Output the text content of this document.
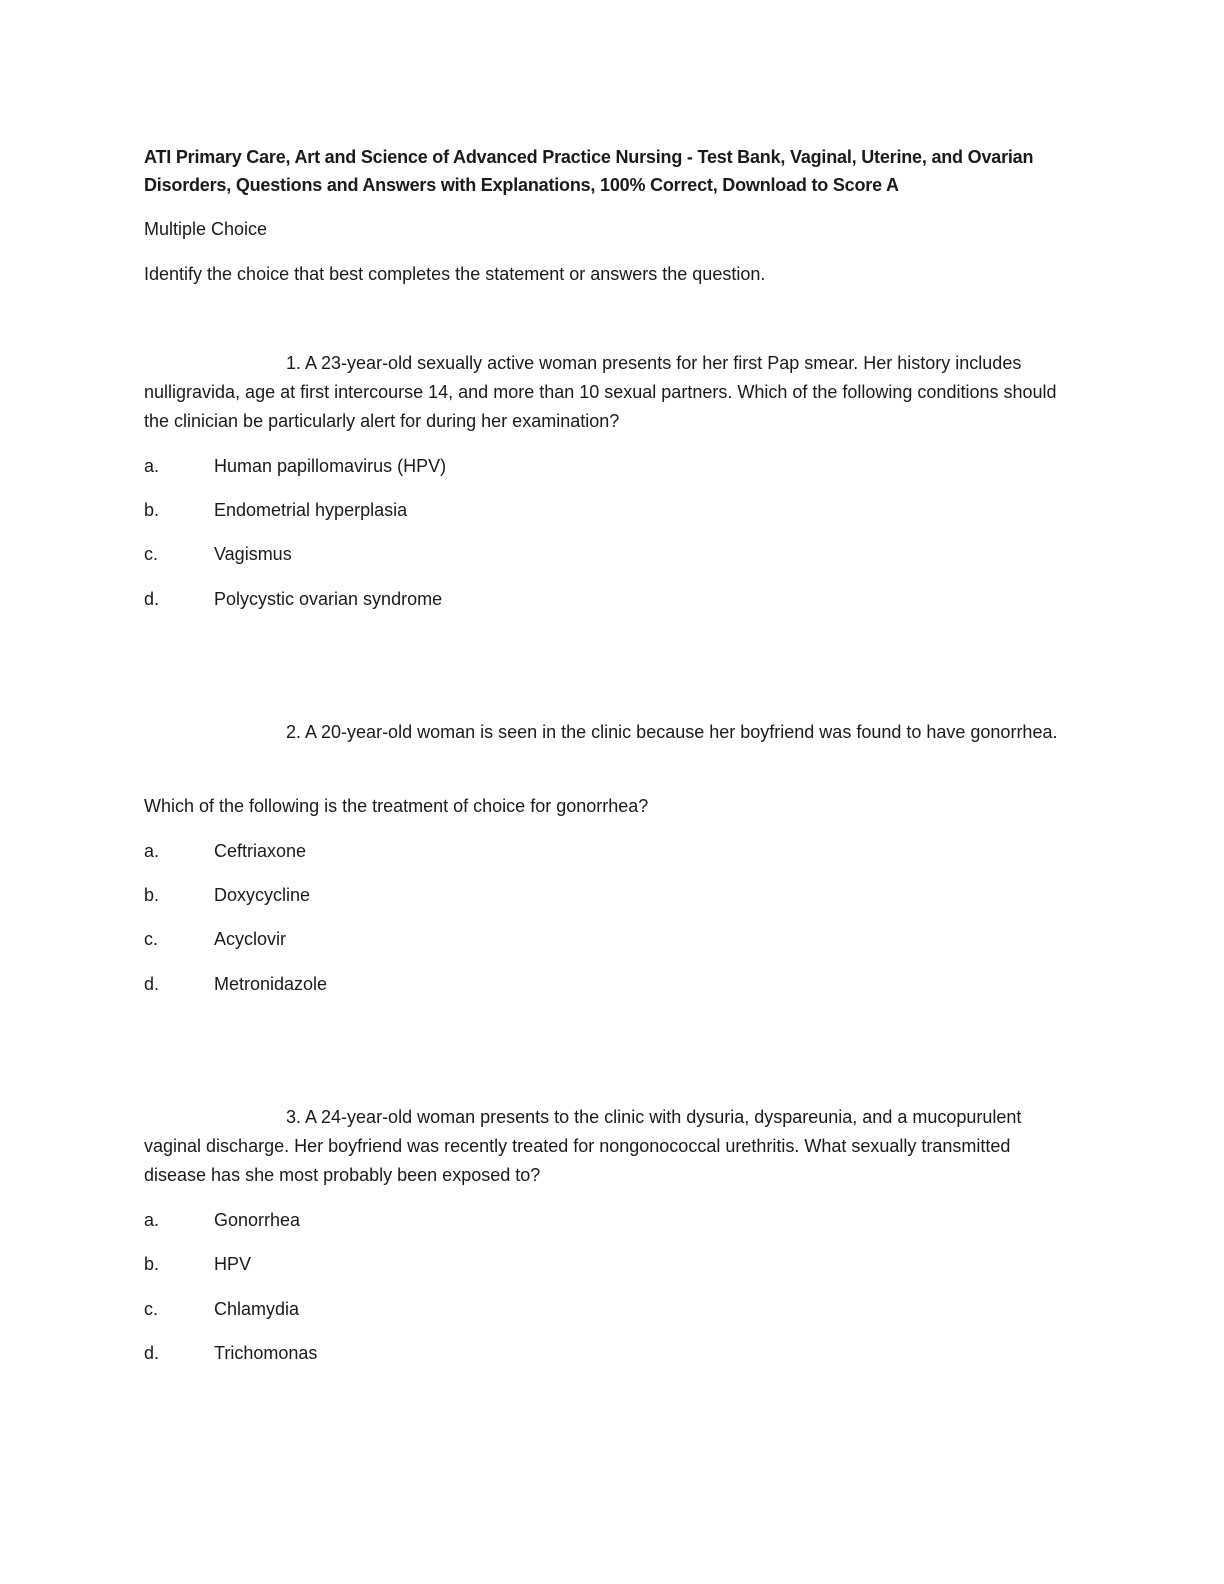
ATI Primary Care, Art and Science of Advanced Practice Nursing - Test Bank, Vaginal, Uterine, and Ovarian Disorders, Questions and Answers with Explanations, 100% Correct, Download to Score A
Multiple Choice
Identify the choice that best completes the statement or answers the question.
1. A 23-year-old sexually active woman presents for her first Pap smear. Her history includes nulligravida, age at first intercourse 14, and more than 10 sexual partners. Which of the following conditions should the clinician be particularly alert for during her examination?
a.	Human papillomavirus (HPV)
b.	Endometrial hyperplasia
c.	Vagismus
d.	Polycystic ovarian syndrome
2. A 20-year-old woman is seen in the clinic because her boyfriend was found to have gonorrhea.
Which of the following is the treatment of choice for gonorrhea?
a.	Ceftriaxone
b.	Doxycycline
c.	Acyclovir
d.	Metronidazole
3. A 24-year-old woman presents to the clinic with dysuria, dyspareunia, and a mucopurulent vaginal discharge. Her boyfriend was recently treated for nongonococcal urethritis. What sexually transmitted disease has she most probably been exposed to?
a.	Gonorrhea
b.	HPV
c.	Chlamydia
d.	Trichomonas
